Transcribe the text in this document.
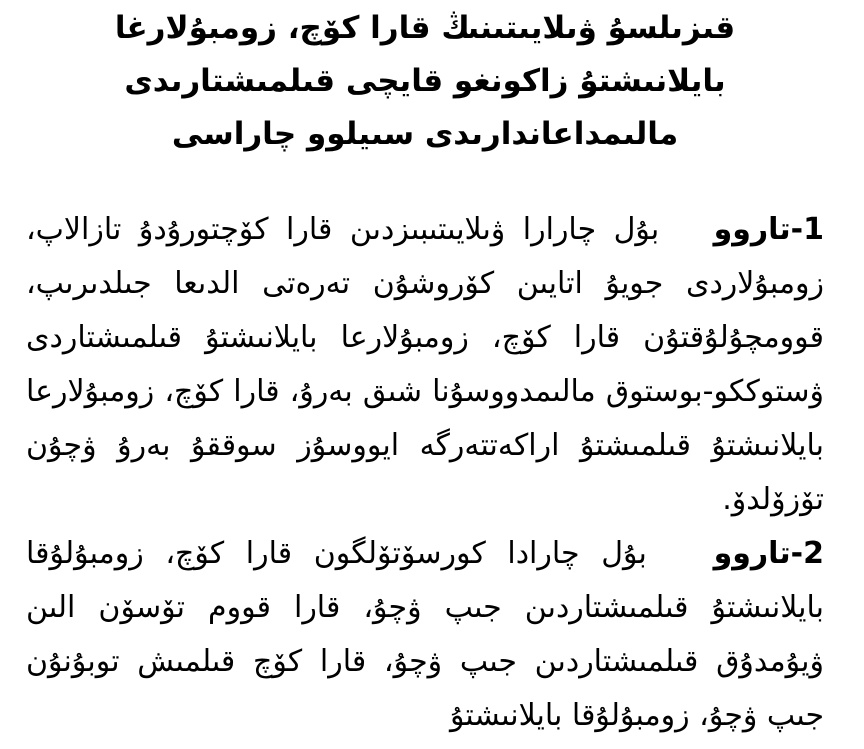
قىزىلسۇ ۋىلايىتىنىڭ قارا كۆچ، زومبۇلارغا
بايلانىشتۇ زاكونغو قايچى قىلمىشتارىدى
مالىمداعاندارىدى سىيلوو چاراسى

1-تاروو   بۇل چارارا ۋىلايىتىبىزدىن قارا كۆچتورۇدۇ تازالاپ، زومبۇلاردى جويۇ اتايىن كۆروشۇن تەرەتى الدىعا جىلدىرىپ، قوومچۇلۇقتۇن قارا كۆچ، زومبۇلارعا بايلانىشتۇ قىلمىشتاردى ۋستوككو-بوستوق مالىمدووسۇنا شىق بەرۇ، قارا كۆچ، زومبۇلارعا بايلانىشتۇ قىلمىشتۇ اراكەتتەرگە ايووسۇز سوققۇ بەرۇ ۋچۇن تۆزۆلدۆ.

2-تاروو   بۇل چارادا كورسۆتۆلگون قارا كۆچ، زومبۇلۇقا بايلانىشتۇ قىلمىشتاردىن جىپ ۋچۇ، قارا قووم تۆسۆن الىن ۋيۇمدۇق قىلمىشتاردىن جىپ ۋچۇ، قارا كۆچ قىلمىش توبۇنۇن جىپ ۋچۇ، زومبۇلۇقا بايلانىشتۇ
